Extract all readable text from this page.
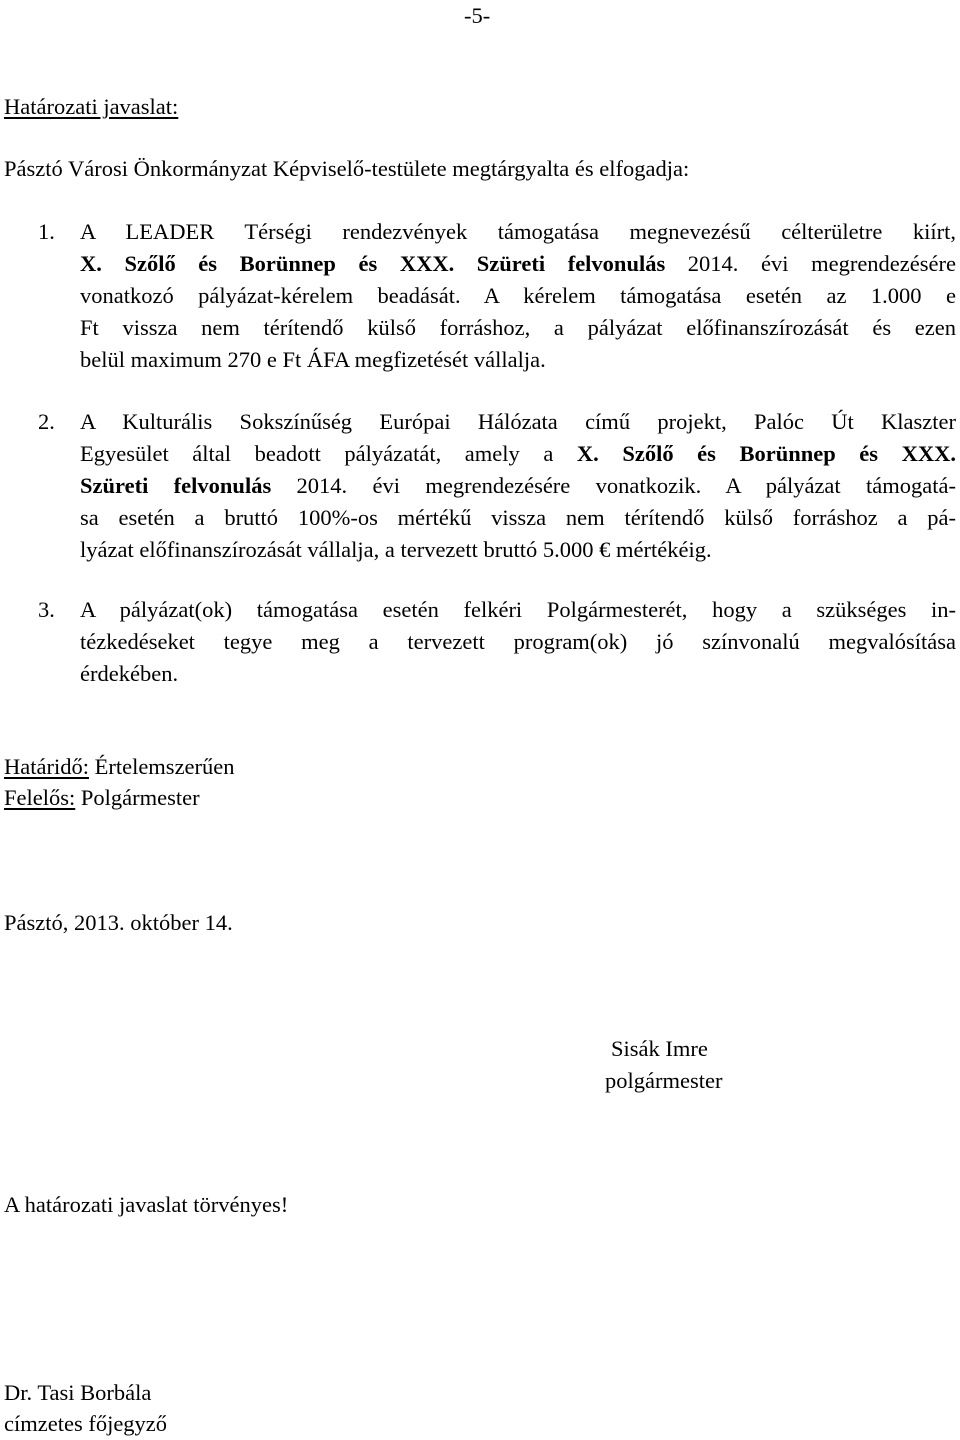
-5-
Határozati javaslat:
Pásztó Városi Önkormányzat Képviselő-testülete megtárgyalta és elfogadja:
1. A LEADER Térségi rendezvények támogatása megnevezésű célterületre kiírt,
X. Szőlő és Borünnep és XXX. Szüreti felvonulás 2014. évi megrendezésére
vonatkozó pályázat-kérelem beadását. A kérelem támogatása esetén az 1.000 e
Ft vissza nem térítendő külső forráshoz, a pályázat előfinanszírozását és ezen
belül maximum 270 e Ft ÁFA megfizetését vállalja.
2. A Kulturális Sokszínűség Európai Hálózata című projekt, Palóc Út Klaszter
Egyesület által beadott pályázatát, amely a X. Szőlő és Borünnep és XXX.
Szüreti felvonulás 2014. évi megrendezésére vonatkozik. A pályázat támogatá-
sa esetén a bruttó 100%-os mértékű vissza nem térítendő külső forráshoz a pá-
lyázat előfinanszírozását vállalja, a tervezett bruttó 5.000 € mértékéig.
3. A pályázat(ok) támogatása esetén felkéri Polgármesterét, hogy a szükséges in-
tézkedéseket tegye meg a tervezett program(ok) jó színvonalú megvalósítása
érdekében.
Határidő: Értelemszerűen
Felelős: Polgármester
Pásztó, 2013. október 14.
Sisák Imre
polgármester
A határozati javaslat törvényes!
Dr. Tasi Borbála
címzetes főjegyző
